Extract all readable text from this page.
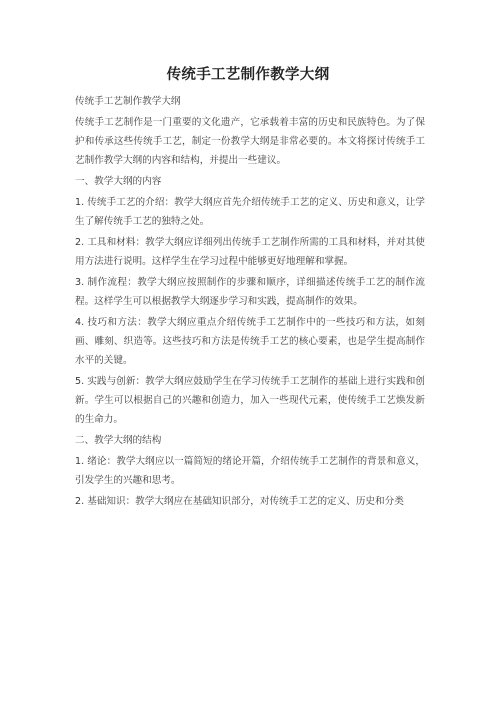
传统手工艺制作教学大纲

传统手工艺制作教学大纲

传统手工艺制作是一门重要的文化遗产，它承载着丰富的历史和民族特色。为了保护和传承这些传统手工艺，制定一份教学大纲是非常必要的。本文将探讨传统手工艺制作教学大纲的内容和结构，并提出一些建议。

一、教学大纲的内容

1. 传统手工艺的介绍：教学大纲应首先介绍传统手工艺的定义、历史和意义，让学生了解传统手工艺的独特之处。

2. 工具和材料：教学大纲应详细列出传统手工艺制作所需的工具和材料，并对其使用方法进行说明。这样学生在学习过程中能够更好地理解和掌握。

3. 制作流程：教学大纲应按照制作的步骤和顺序，详细描述传统手工艺的制作流程。这样学生可以根据教学大纲逐步学习和实践，提高制作的效果。

4. 技巧和方法：教学大纲应重点介绍传统手工艺制作中的一些技巧和方法，如刻画、雕刻、织造等。这些技巧和方法是传统手工艺的核心要素，也是学生提高制作水平的关键。

5. 实践与创新：教学大纲应鼓励学生在学习传统手工艺制作的基础上进行实践和创新。学生可以根据自己的兴趣和创造力，加入一些现代元素，使传统手工艺焕发新的生命力。

二、教学大纲的结构

1. 绪论：教学大纲应以一篇简短的绪论开篇，介绍传统手工艺制作的背景和意义，引发学生的兴趣和思考。

2. 基础知识：教学大纲应在基础知识部分，对传统手工艺的定义、历史和分类
